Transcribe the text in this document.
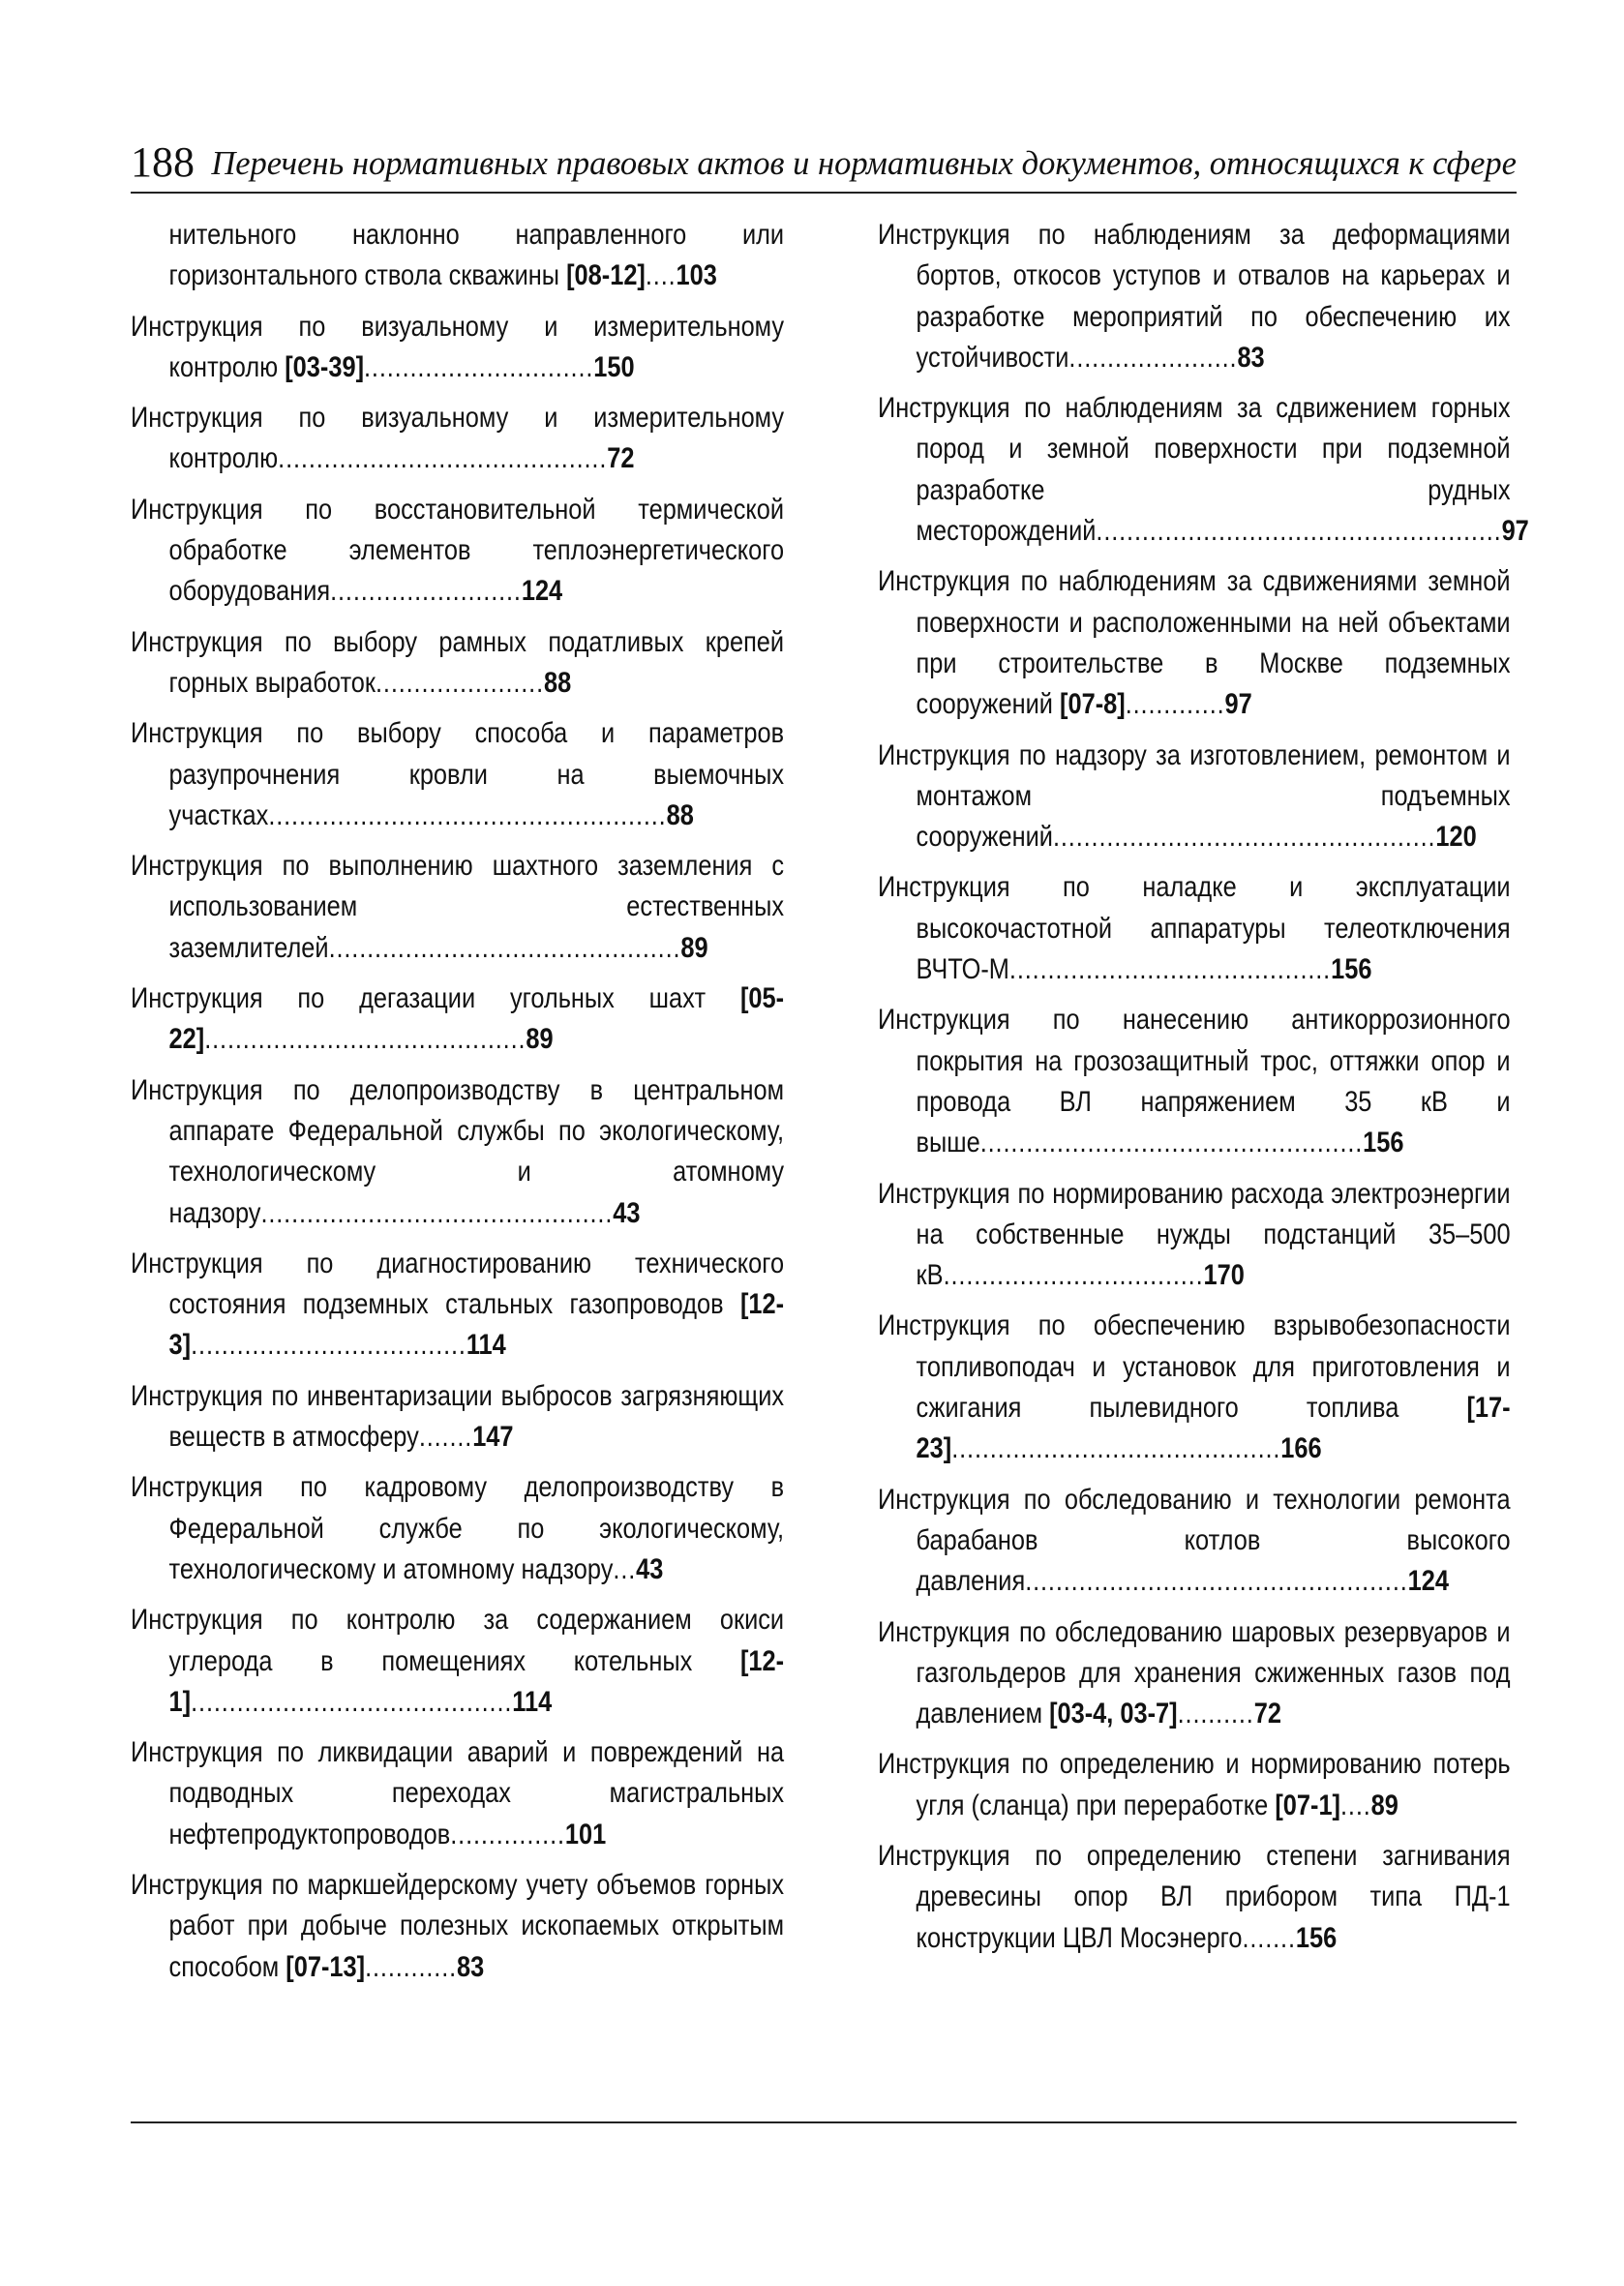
188 Перечень нормативных правовых актов и нормативных документов, относящихся к сфере

нительного наклонно направленного или горизонтального ствола скважины [08-12]....103

Инструкция по визуальному и измерительному контролю [03-39]..............................150

Инструкция по визуальному и измерительному контролю...........................................72

Инструкция по восстановительной термической обработке элементов теплоэнергетического оборудования.........................124

Инструкция по выбору рамных податливых крепей горных выработок......................88

Инструкция по выбору способа и параметров разупрочнения кровли на выемочных участках....................................................88

Инструкция по выполнению шахтного заземления с использованием естественных заземлителей..............................................89

Инструкция по дегазации угольных шахт [05-22]..........................................89

Инструкция по делопроизводству в центральном аппарате Федеральной службы по экологическому, технологическому и атомному надзору..............................................43

Инструкция по диагностированию технического состояния подземных стальных газопроводов [12-3]....................................114

Инструкция по инвентаризации выбросов загрязняющих веществ в атмосферу.......147

Инструкция по кадровому делопроизводству в Федеральной службе по экологическому, технологическому и атомному надзору...43

Инструкция по контролю за содержанием окиси углерода в помещениях котельных [12-1]..........................................114

Инструкция по ликвидации аварий и повреждений на подводных переходах магистральных нефтепродуктопроводов...............101

Инструкция по маркшейдерскому учету объемов горных работ при добыче полезных ископаемых открытым способом [07-13]............83

Инструкция по наблюдениям за деформациями бортов, откосов уступов и отвалов на карьерах и разработке мероприятий по обеспечению их устойчивости......................83

Инструкция по наблюдениям за сдвижением горных пород и земной поверхности при подземной разработке рудных месторождений.....................................................97

Инструкция по наблюдениям за сдвижениями земной поверхности и расположенными на ней объектами при строительстве в Москве подземных сооружений [07-8].............97

Инструкция по надзору за изготовлением, ремонтом и монтажом подъемных сооружений..................................................120

Инструкция по наладке и эксплуатации высокочастотной аппаратуры телеотключения ВЧТО-М..........................................156

Инструкция по нанесению антикоррозионного покрытия на грозозащитный трос, оттяжки опор и провода ВЛ напряжением 35 кВ и выше..................................................156

Инструкция по нормированию расхода электроэнергии на собственные нужды подстанций 35–500 кВ..................................170

Инструкция по обеспечению взрывобезопасности топливоподач и установок для приготовления и сжигания пылевидного топлива [17-23]...........................................166

Инструкция по обследованию и технологии ремонта барабанов котлов высокого давления..................................................124

Инструкция по обследованию шаровых резервуаров и газгольдеров для хранения сжиженных газов под давлением [03-4, 03-7]..........72

Инструкция по определению и нормированию потерь угля (сланца) при переработке [07-1]....89

Инструкция по определению степени загнивания древесины опор ВЛ прибором типа ПД-1 конструкции ЦВЛ Мосэнерго.......156
